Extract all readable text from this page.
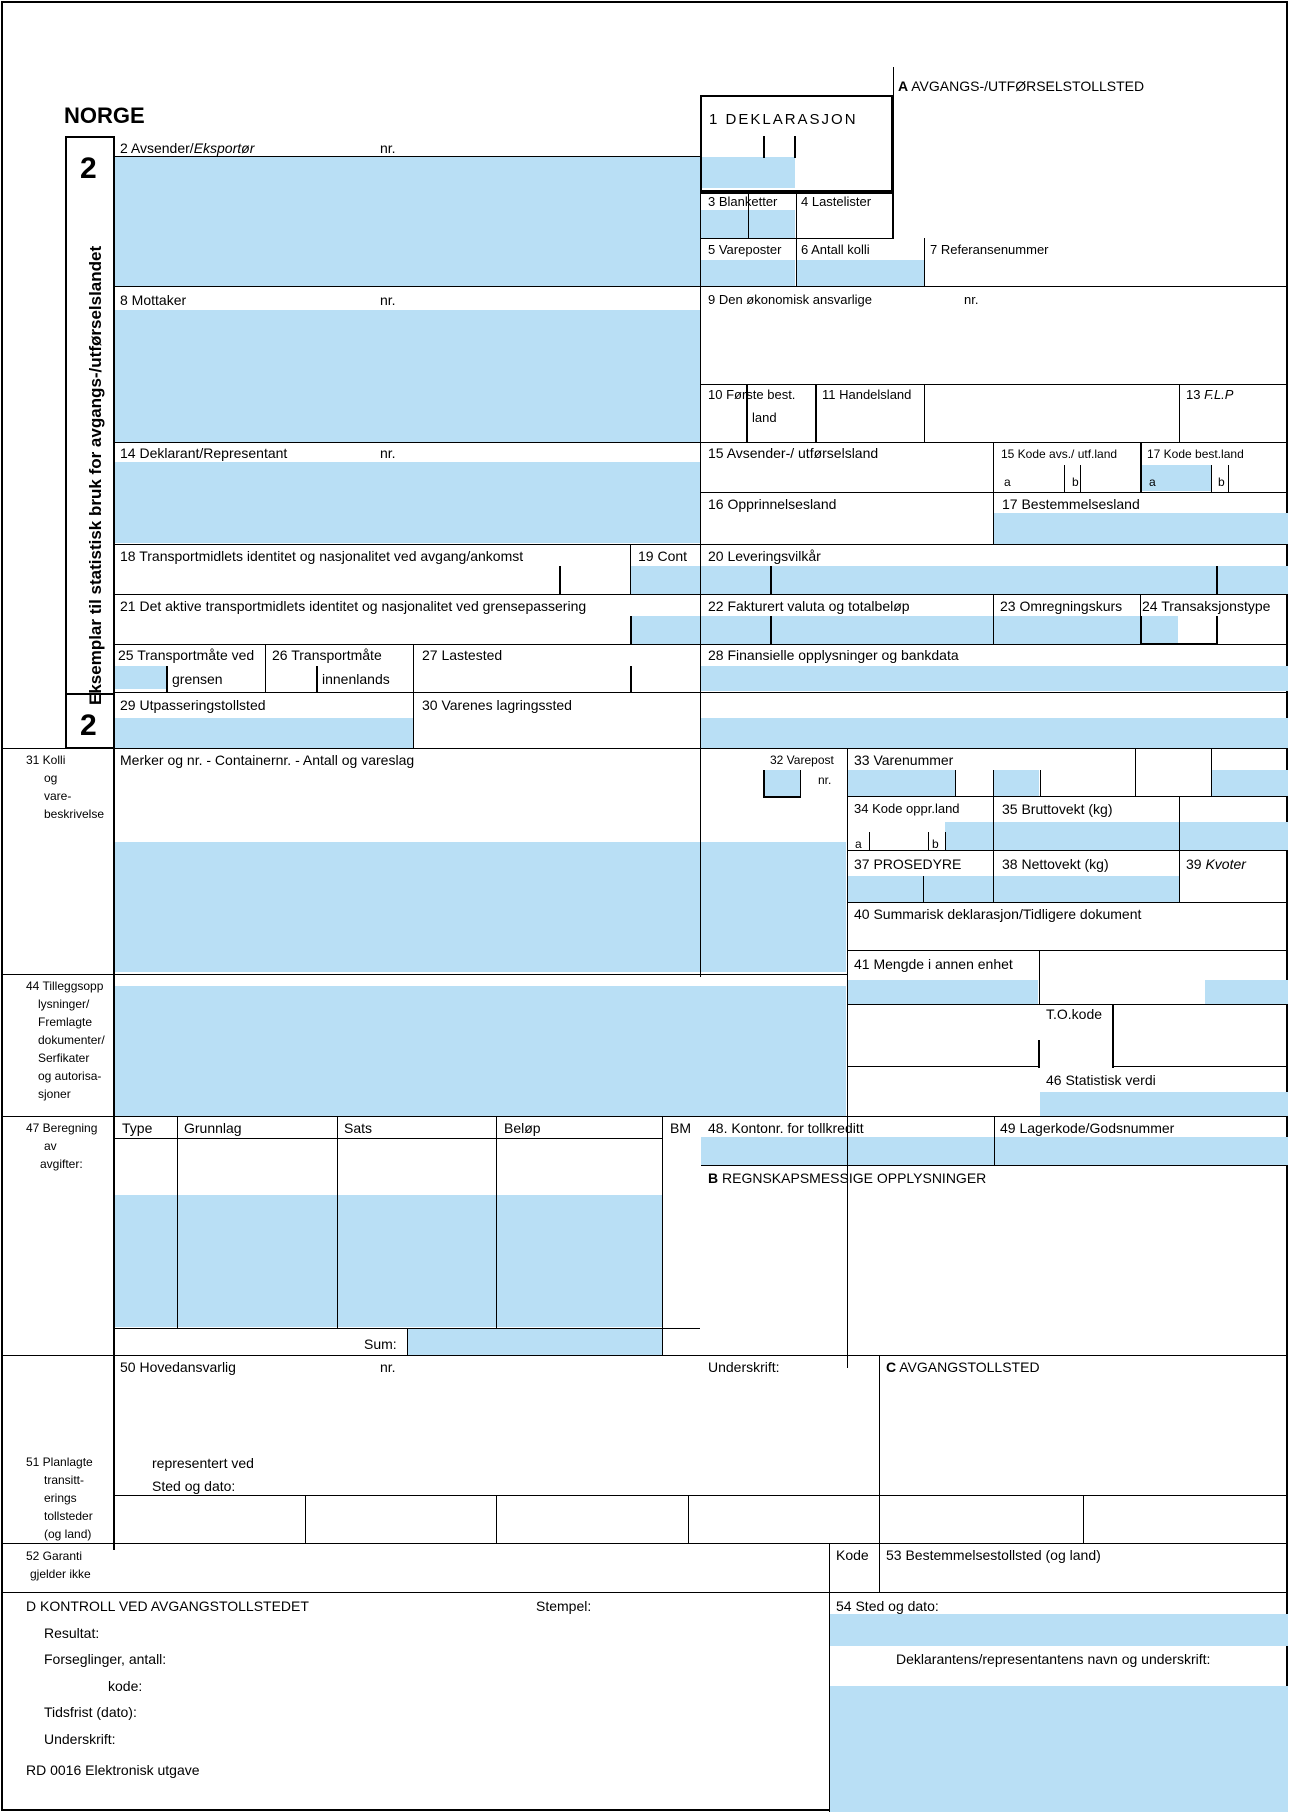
NORGE
A AVGANGS-/UTFØRSELSTOLLSTED
2
2
Eksemplar til statistisk bruk for avgangs-/utførselslandet
1 DEKLARASJON
2 Avsender/Eksportør	nr.
3 Blanketter 4 Lastelister
5 Vareposter 6 Antall kolli	7 Referansenummer
8 Mottaker	nr.	9 Den økonomisk ansvarlige	nr.
10 Første best.
land
11 Handelsland	13 F.L.P
14 Deklarant/Representant	nr.	15 Avsender-/ utførselsland	15 Kode avs./ utf.land 17 Kode best.land
a	b	a	b
16 Opprinnelsesland	17 Bestemmelsesland
18 Transportmidlets identitet og nasjonalitet ved avgang/ankomst	19 Cont 20 Leveringsvilkår
21 Det aktive transportmidlets identitet og nasjonalitet ved grensepassering	22 Fakturert valuta og totalbeløp	23 Omregningskurs 24 Transaksjonstype
25 Transportmåte ved
grensen
26 Transportmåte
innenlands
27 Lastested	28 Finansielle opplysninger og bankdata
29 Utpasseringstollsted	30 Varenes lagringssted
31 Kolli
og
vare-
beskrivelse
Merker og nr. - Containernr. - Antall og vareslag	32 Varepost
nr.
33 Varenummer
34 Kode oppr.land	35 Bruttovekt (kg)
a	b
37 PROSEDYRE	38 Nettovekt (kg)	39 Kvoter
40 Summarisk deklarasjon/Tidligere dokument
41 Mengde i annen enhet
44 Tilleggsopp
lysninger/
Fremlagte
dokumenter/
Serfikater
og autorisa-
sjoner
T.O.kode
46 Statistisk verdi
47 Beregning
av
avgifter:
Type Grunnlag	Sats	Beløp	BM
Sum:
48. Kontonr. for tollkreditt	49 Lagerkode/Godsnummer
B REGNSKAPSMESSIGE OPPLYSNINGER
50 Hovedansvarlig	nr.	Underskrift:	C AVGANGSTOLLSTED
representert ved
Sted og dato:
51 Planlagte
transitt-
erings
tollsteder
(og land)
52 Garanti
gjelder ikke
Kode 53 Bestemmelsestollsted (og land)
D KONTROLL VED AVGANGSTOLLSTEDET	Stempel:	54 Sted og dato:
Resultat:
Forseglinger, antall:
kode:
Tidsfrist (dato):
Underskrift:
Deklarantens/representantens navn og underskrift:
RD 0016 Elektronisk utgave
